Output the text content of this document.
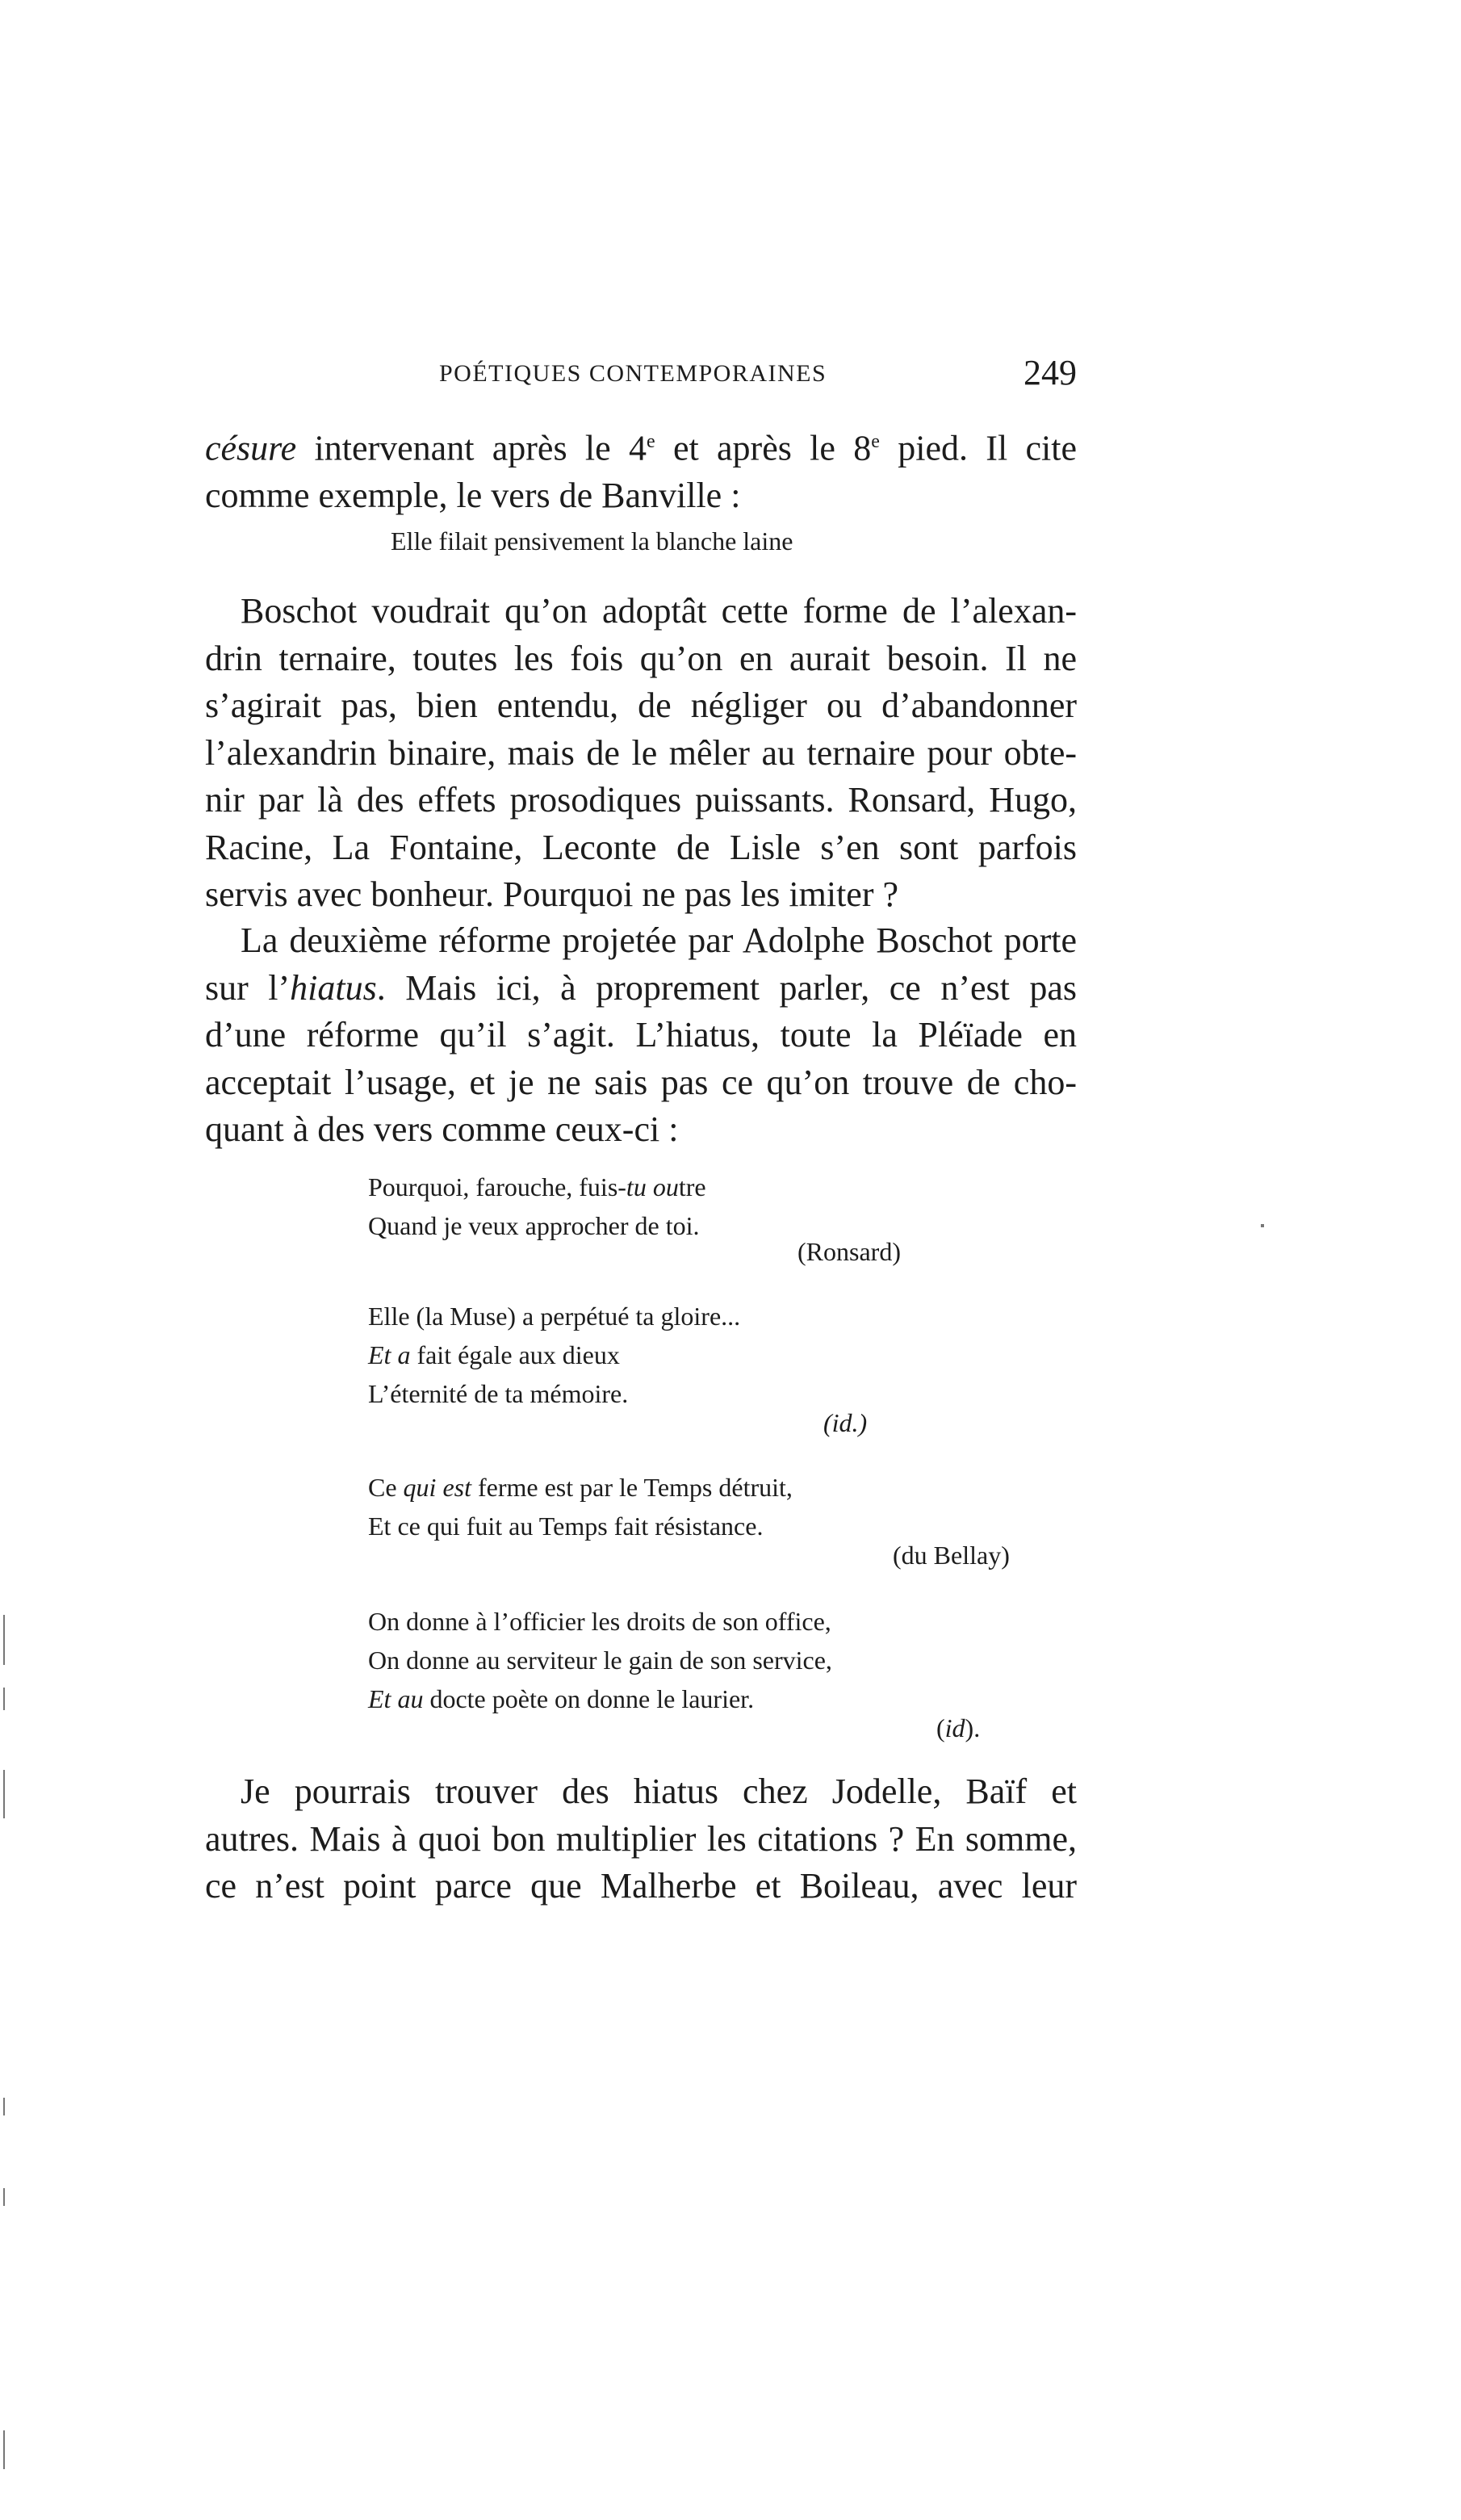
POÉTIQUES CONTEMPORAINES	249

césure intervenant après le 4e et après le 8e pied. Il cite
comme exemple, le vers de Banville :

Elle filait pensivement la blanche laine

Boschot voudrait qu’on adoptât cette forme de l’alexan-
drin ternaire, toutes les fois qu’on en aurait besoin. Il ne
s’agirait pas, bien entendu, de négliger ou d’abandonner
l’alexandrin binaire, mais de le mêler au ternaire pour obte-
nir par là des effets prosodiques puissants. Ronsard, Hugo,
Racine, La Fontaine, Leconte de Lisle s’en sont parfois
servis avec bonheur. Pourquoi ne pas les imiter ?

La deuxième réforme projetée par Adolphe Boschot porte
sur l’hiatus. Mais ici, à proprement parler, ce n’est pas
d’une réforme qu’il s’agit. L’hiatus, toute la Pléïade en
acceptait l’usage, et je ne sais pas ce qu’on trouve de cho-
quant à des vers comme ceux-ci :

Pourquoi, farouche, fuis-tu outre
Quand je veux approcher de toi.
(Ronsard)
Elle (la Muse) a perpétué ta gloire...
Et a fait égale aux dieux
L’éternité de ta mémoire.
(id.)
Ce qui est ferme est par le Temps détruit,
Et ce qui fuit au Temps fait résistance.
(du Bellay)
On donne à l’officier les droits de son office,
On donne au serviteur le gain de son service,
Et au docte poète on donne le laurier.
(id).

Je pourrais trouver des hiatus chez Jodelle, Baïf et
autres. Mais à quoi bon multiplier les citations ? En somme,
ce n’est point parce que Malherbe et Boileau, avec leur
